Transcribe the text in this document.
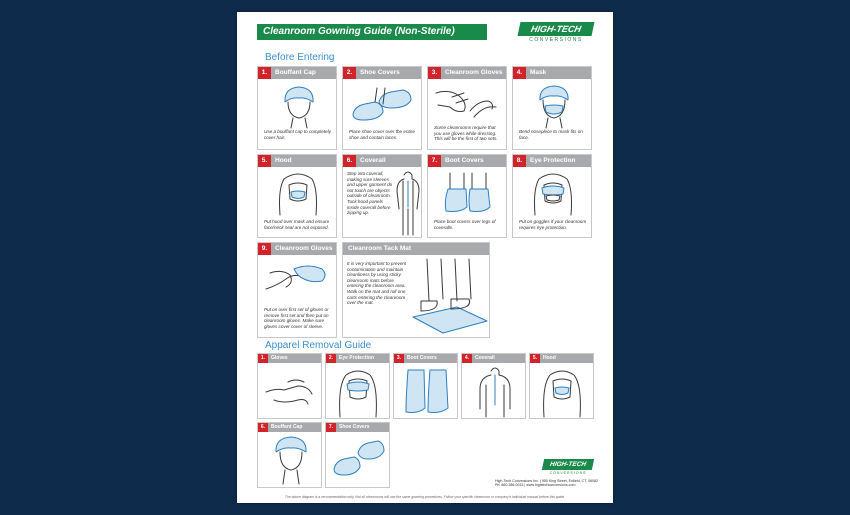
Cleanroom Gowning Guide (Non-Sterile)	HIGH-TECH
CONVERSIONS
Before Entering
Bouffant Cap
1.
Use a bouffant cap to completely cover hair.
Shoe Covers
2.
Place shoe cover over the entire shoe and contain laces.
Cleanroom Gloves
3.
Some cleanrooms require that you use gloves while dressing. This will be the first of two sets.
Mask
4.
Bend noseplece to mask fits on face.
Hood
5.
Put hood over mask and ensure face/neck seal are not exposed.
Coverall
6.
Step into coverall, making sure sleeves and upper garment do not touch are objects outside of cleanroom. Tuck hood panels inside coverall before zipping up.
Boot Covers
7.
Place boot covers over legs of coveralls.
Eye Protection
8.
Put on goggles if your cleanroom requires eye protection.
Cleanroom Gloves
9.
Put on over first set of gloves or remove first set and then put on cleanroom gloves. Make sure gloves cover cover of sleeve.
Cleanroom Tack Mat
It is very important to prevent contamination and maintain cleanliness by using sticky cleanroom mats before entering the cleanroom area. Walk on the mat and roll one carts entering the cleanroom over the mat.
Apparel Removal Guide
Gloves
1.	Eye Protection
2.	Boot Covers
3.	Coverall
4.	Hood
5.
Bouffant Cap
6.	Shoe Covers
7.
HIGH-TECH
CONVERSIONS
High-Tech Conversions Inc. | 950 King Street, Enfield, CT, 06082
Ph: 860.386.0033 | www.hightechconversions.com
The above diagram is a recommendation only. Not all cleanrooms will use the same gowning procedures. Follow your specific cleanroom or company's individual manual before this guide.
